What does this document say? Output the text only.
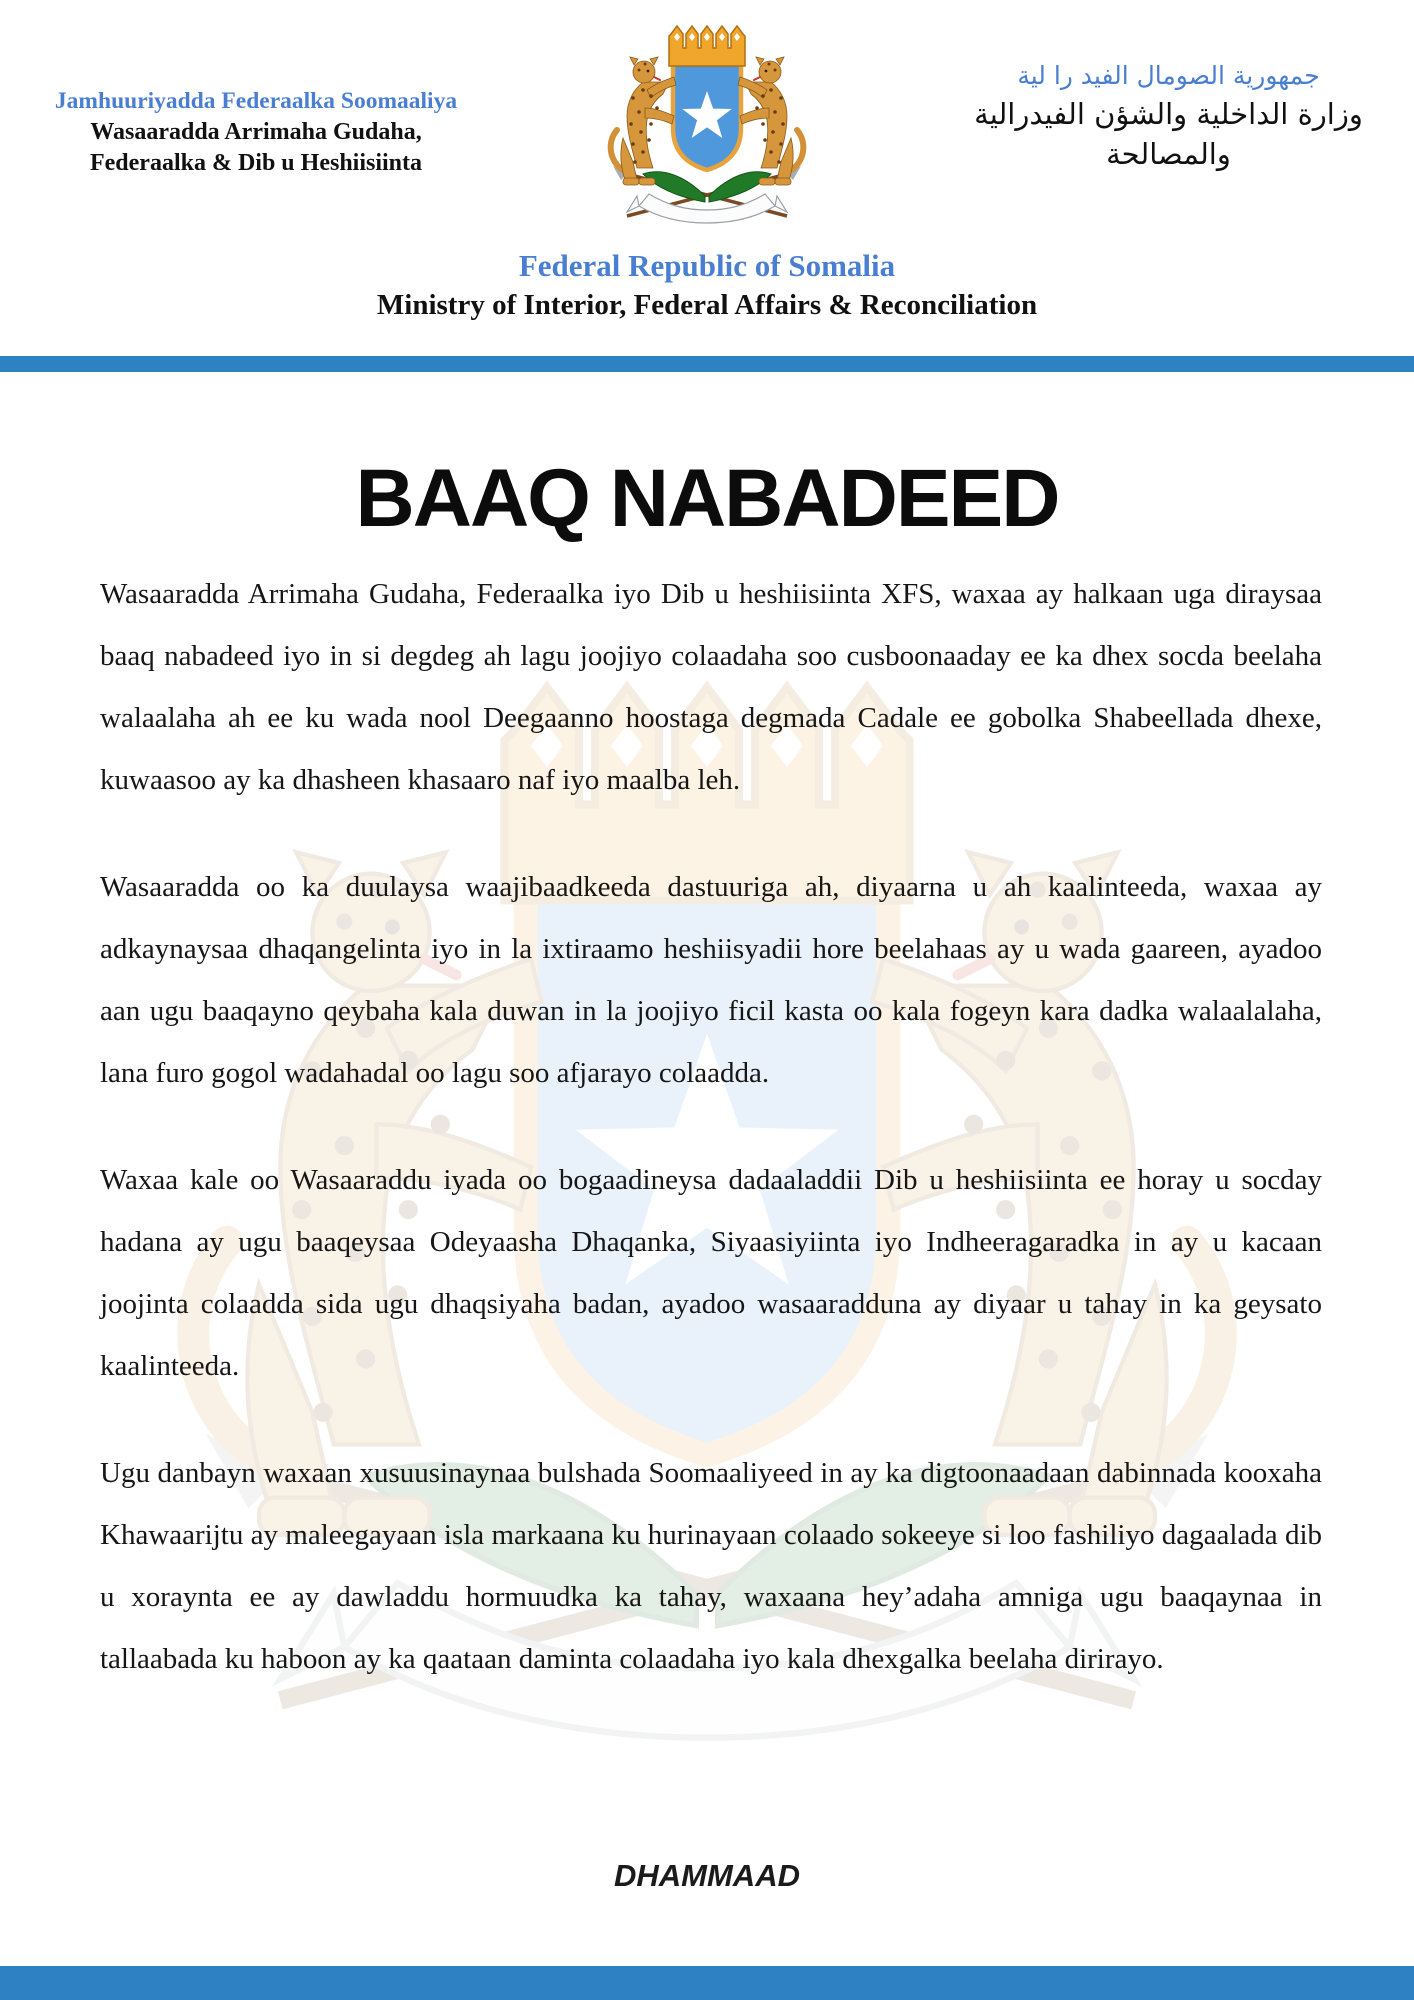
Jamhuuriyadda Federaalka Soomaaliya
Wasaaradda Arrimaha Gudaha,
Federaalka & Dib u Heshiisiinta
جمهورية الصومال الفيد را لية
وزارة الداخلية والشؤن الفيدرالية
والمصالحة
Federal Republic of Somalia
Ministry of Interior, Federal Affairs & Reconciliation
BAAQ NABADEED

Wasaaradda Arrimaha Gudaha, Federaalka iyo Dib u heshiisiinta XFS, waxaa ay halkaan uga diraysaa baaq nabadeed iyo in si degdeg ah lagu joojiyo colaadaha soo cusboonaaday ee ka dhex socda beelaha walaalaha ah ee ku wada nool Deegaanno hoostaga degmada Cadale ee gobolka Shabeellada dhexe, kuwaasoo ay ka dhasheen khasaaro naf iyo maalba leh.

Wasaaradda oo ka duulaysa waajibaadkeeda dastuuriga ah, diyaarna u ah kaalinteeda, waxaa ay adkaynaysaa dhaqangelinta iyo in la ixtiraamo heshiisyadii hore beelahaas ay u wada gaareen, ayadoo aan ugu baaqayno qeybaha kala duwan in la joojiyo ficil kasta oo kala fogeyn kara dadka walaalalaha, lana furo gogol wadahadal oo lagu soo afjarayo colaadda.

Waxaa kale oo Wasaaraddu iyada oo bogaadineysa dadaaladdii Dib u heshiisiinta ee horay u socday hadana ay ugu baaqeysaa Odeyaasha Dhaqanka, Siyaasiyiinta iyo Indheeragaradka in ay u kacaan joojinta colaadda sida ugu dhaqsiyaha badan, ayadoo wasaaradduna ay diyaar u tahay in ka geysato kaalinteeda.

Ugu danbayn waxaan xusuusinaynaa bulshada Soomaaliyeed in ay ka digtoonaadaan dabinnada kooxaha Khawaarijtu ay maleegayaan isla markaana ku hurinayaan colaado sokeeye si loo fashiliyo dagaalada dib u xoraynta ee ay dawladdu hormuudka ka tahay, waxaana hey’adaha amniga ugu baaqaynaa in tallaabada ku haboon ay ka qaataan daminta colaadaha iyo kala dhexgalka beelaha dirirayo.

DHAMMAAD
